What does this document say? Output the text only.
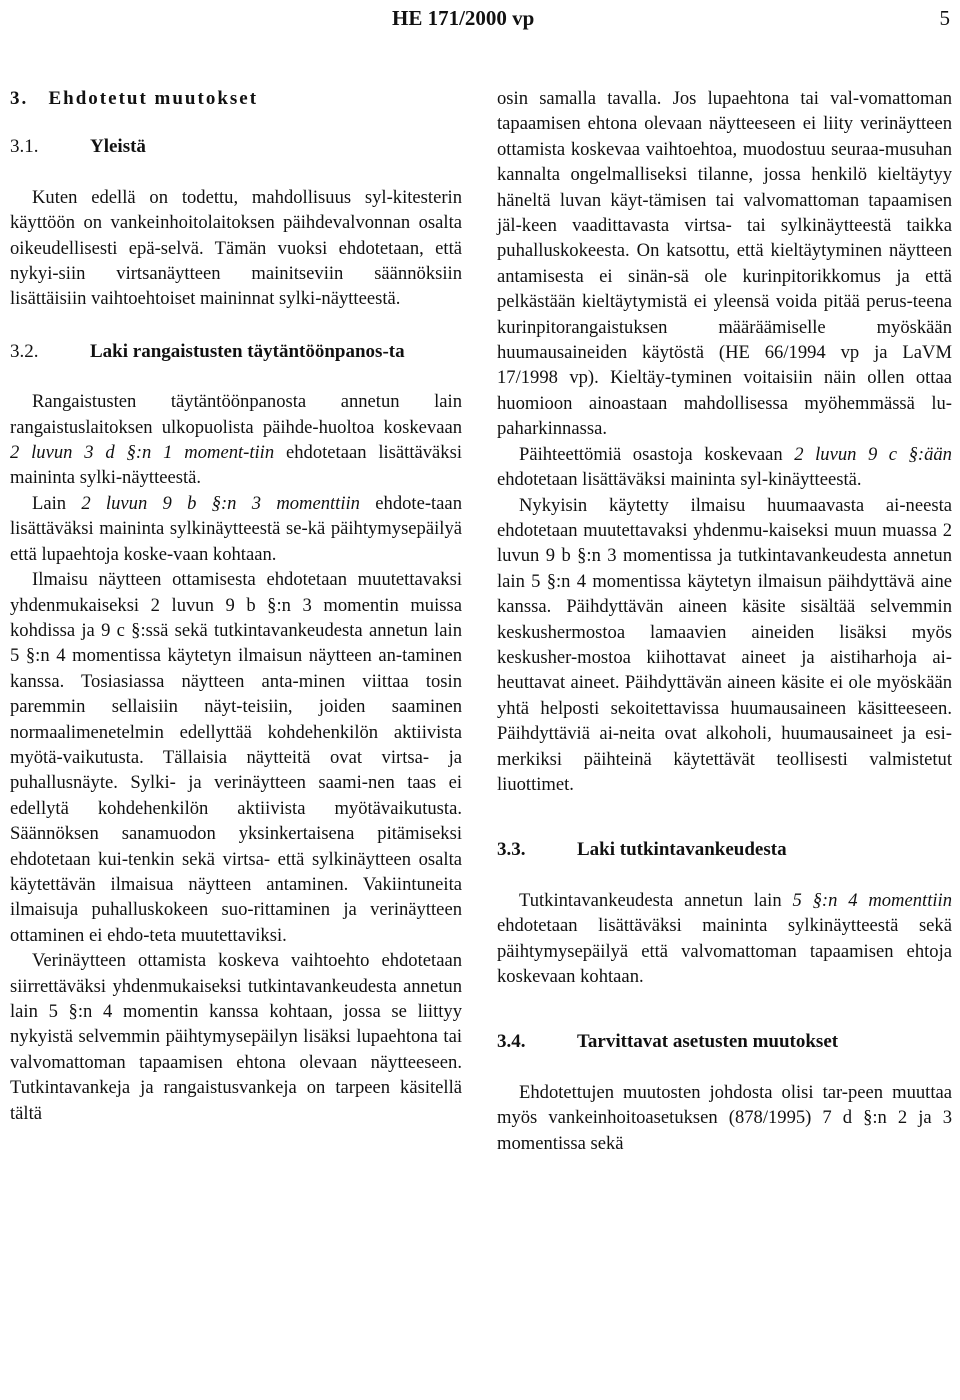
HE 171/2000 vp	5
3. Ehdotetut muutokset
3.1.	Yleistä

Kuten edellä on todettu, mahdollisuus syl-kitesterin käyttöön on vankeinhoitolaitoksen päihdevalvonnan osalta oikeudellisesti epä-selvä. Tämän vuoksi ehdotetaan, että nykyi-siin virtsanäytteen mainitseviin säännöksiin lisättäisiin vaihtoehtoiset maininnat sylki-näytteestä.

3.2.	Laki rangaistusten täytäntöönpanos-ta

Rangaistusten täytäntöönpanosta annetun lain rangaistuslaitoksen ulkopuolista päihde-huoltoa koskevaan 2 luvun 3 d §:n 1 moment-tiin ehdotetaan lisättäväksi maininta sylki-näytteestä.

Lain 2 luvun 9 b §:n 3 momenttiin ehdote-taan lisättäväksi maininta sylkinäytteestä se-kä päihtymysepäilyä että lupaehtoja koske-vaan kohtaan.

Ilmaisu näytteen ottamisesta ehdotetaan muutettavaksi yhdenmukaiseksi 2 luvun 9 b §:n 3 momentin muissa kohdissa ja 9 c §:ssä sekä tutkintavankeudesta annetun lain 5 §:n 4 momentissa käytetyn ilmaisun näytteen an-taminen kanssa. Tosiasiassa näytteen anta-minen viittaa tosin paremmin sellaisiin näyt-teisiin, joiden saaminen normaalimenetelmin edellyttää kohdehenkilön aktiivista myötä-vaikutusta. Tällaisia näytteitä ovat virtsa- ja puhallusnäyte. Sylki- ja verinäytteen saami-nen taas ei edellytä kohdehenkilön aktiivista myötävaikutusta. Säännöksen sanamuodon yksinkertaisena pitämiseksi ehdotetaan kui-tenkin sekä virtsa- että sylkinäytteen osalta käytettävän ilmaisua näytteen antaminen. Vakiintuneita ilmaisuja puhalluskokeen suo-rittaminen ja verinäytteen ottaminen ei ehdo-teta muutettaviksi.

Verinäytteen ottamista koskeva vaihtoehto ehdotetaan siirrettäväksi yhdenmukaiseksi tutkintavankeudesta annetun lain 5 §:n 4 momentin kanssa kohtaan, jossa se liittyy nykyistä selvemmin päihtymysepäilyn lisäksi lupaehtona tai valvomattoman tapaamisen ehtona olevaan näytteeseen. Tutkintavankeja ja rangaistusvankeja on tarpeen käsitellä tältä

osin samalla tavalla. Jos lupaehtona tai val-vomattoman tapaamisen ehtona olevaan näytteeseen ei liity verinäytteen ottamista koskevaa vaihtoehtoa, muodostuu seuraa-musuhan kannalta ongelmalliseksi tilanne, jossa henkilö kieltäytyy häneltä luvan käyt-tämisen tai valvomattoman tapaamisen jäl-keen vaadittavasta virtsa- tai sylkinäytteestä taikka puhalluskokeesta. On katsottu, että kieltäytyminen näytteen antamisesta ei sinän-sä ole kurinpitorikkomus ja että pelkästään kieltäytymistä ei yleensä voida pitää perus-teena kurinpitorangaistuksen määräämiselle myöskään huumausaineiden käytöstä (HE 66/1994 vp ja LaVM 17/1998 vp). Kieltäy-tyminen voitaisiin näin ollen ottaa huomioon ainoastaan mahdollisessa myöhemmässä lu-paharkinnassa.

Päihteettömiä osastoja koskevaan 2 luvun 9 c §:ään ehdotetaan lisättäväksi maininta syl-kinäytteestä.

Nykyisin käytetty ilmaisu huumaavasta ai-neesta ehdotetaan muutettavaksi yhdenmu-kaiseksi muun muassa 2 luvun 9 b §:n 3 momentissa ja tutkintavankeudesta annetun lain 5 §:n 4 momentissa käytetyn ilmaisun päihdyttävä aine kanssa. Päihdyttävän aineen käsite sisältää selvemmin keskushermostoa lamaavien aineiden lisäksi myös keskusher-mostoa kiihottavat aineet ja aistiharhoja ai-heuttavat aineet. Päihdyttävän aineen käsite ei ole myöskään yhtä helposti sekoitettavissa huumausaineen käsitteeseen. Päihdyttäviä ai-neita ovat alkoholi, huumausaineet ja esi-merkiksi päihteinä käytettävät teollisesti valmistetut liuottimet.

3.3.	Laki tutkintavankeudesta

Tutkintavankeudesta annetun lain 5 §:n 4 momenttiin ehdotetaan lisättäväksi maininta sylkinäytteestä sekä päihtymysepäilyä että valvomattoman tapaamisen ehtoja koskevaan kohtaan.

3.4.	Tarvittavat asetusten muutokset

Ehdotettujen muutosten johdosta olisi tar-peen muuttaa myös vankeinhoitoasetuksen (878/1995) 7 d §:n 2 ja 3 momentissa sekä
